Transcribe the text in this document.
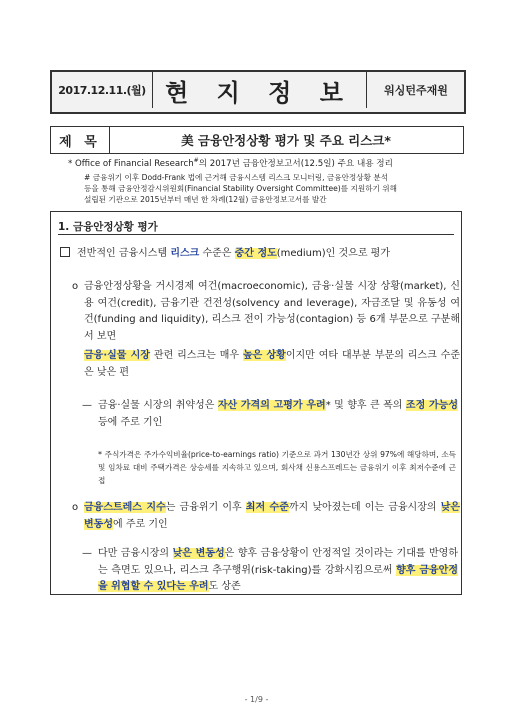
2017.12.11.(월) 현 지 정 보	워싱턴주재원
제 목	美 금융안정상황 평가 및 주요 리스크*
* Office of Financial Research#의 2017년 금융안정보고서(12.5일) 주요 내용 정리
# 금융위기 이후 Dodd-Frank 법에 근거해 금융시스템 리스크 모니터링, 금융안정상황 분석
등을 통해 금융안정감시위원회(Financial Stability Oversight Committee)를 지원하기 위해
설립된 기관으로 2015년부터 매년 한 차례(12월) 금융안정보고서를 발간
1. 금융안정상황 평가
전반적인 금융시스템 리스크 수준은 중간 정도(medium)인 것으로 평가
o 금융안정상황을 거시경제 여건(macroeconomic), 금융·실물 시장 상황(market), 신용 여건(credit), 금융기관 건전성(solvency and leverage), 자금조달 및 유동성 여건(funding and liquidity), 리스크 전이 가능성(contagion) 등 6개 부문으로 구분해서 보면
금융·실물 시장 관련 리스크는 매우 높은 상황이지만 여타 대부분 부문의 리스크 수준은 낮은 편
— 금융·실물 시장의 취약성은 자산 가격의 고평가 우려* 및 향후 큰 폭의 조정 가능성 등에 주로 기인
* 주식가격은 주가수익비율(price-to-earnings ratio) 기준으로 과거 130년간 상위 97%에 해당하며, 소득 및 임차료 대비 주택가격은 상승세를 지속하고 있으며, 회사채 신용스프레드는 금융위기 이후 최저수준에 근접
o 금융스트레스 지수는 금융위기 이후 최저 수준까지 낮아졌는데 이는 금융시장의 낮은 변동성에 주로 기인
— 다만 금융시장의 낮은 변동성은 향후 금융상황이 안정적일 것이라는 기대를 반영하는 측면도 있으나, 리스크 추구행위(risk-taking)를 강화시킴으로써 향후 금융안정을 위협할 수 있다는 우려도 상존
- 1/9 -
